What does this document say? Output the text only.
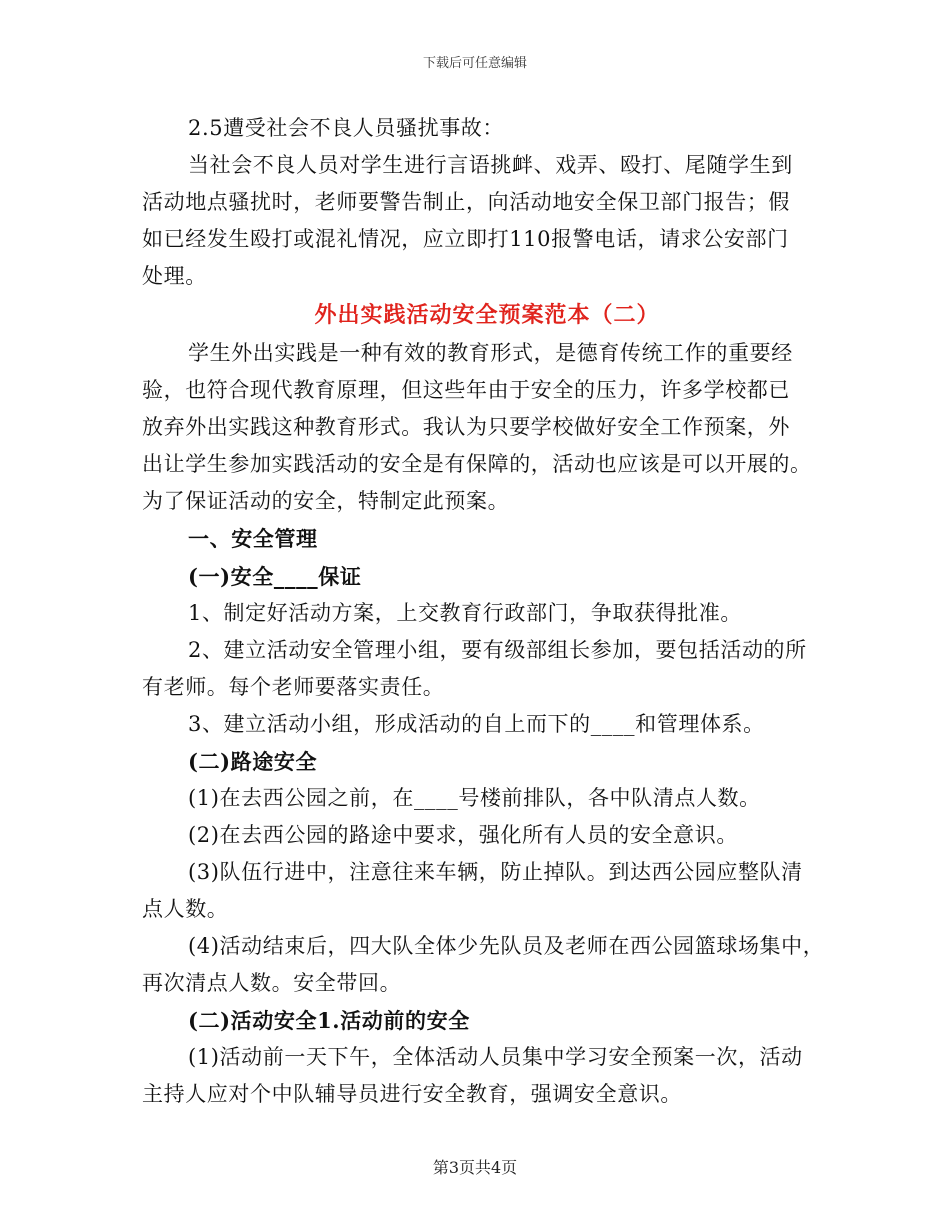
下载后可任意编辑

2.5遭受社会不良人员骚扰事故：

当社会不良人员对学生进行言语挑衅、戏弄、殴打、尾随学生到

活动地点骚扰时，老师要警告制止，向活动地安全保卫部门报告；假

如已经发生殴打或混礼情况，应立即打110报警电话，请求公安部门

处理。

外出实践活动安全预案范本（二）

学生外出实践是一种有效的教育形式，是德育传统工作的重要经

验，也符合现代教育原理，但这些年由于安全的压力，许多学校都已

放弃外出实践这种教育形式。我认为只要学校做好安全工作预案，外

出让学生参加实践活动的安全是有保障的，活动也应该是可以开展的。

为了保证活动的安全，特制定此预案。

一、安全管理

(一)安全____保证

1、制定好活动方案，上交教育行政部门，争取获得批准。

2、建立活动安全管理小组，要有级部组长参加，要包括活动的所

有老师。每个老师要落实责任。

3、建立活动小组，形成活动的自上而下的____和管理体系。

(二)路途安全

(1)在去西公园之前，在____号楼前排队，各中队清点人数。

(2)在去西公园的路途中要求，强化所有人员的安全意识。

(3)队伍行进中，注意往来车辆，防止掉队。到达西公园应整队清

点人数。

(4)活动结束后，四大队全体少先队员及老师在西公园篮球场集中，

再次清点人数。安全带回。

(二)活动安全1.活动前的安全

(1)活动前一天下午，全体活动人员集中学习安全预案一次，活动

主持人应对个中队辅导员进行安全教育，强调安全意识。

第3页共4页
